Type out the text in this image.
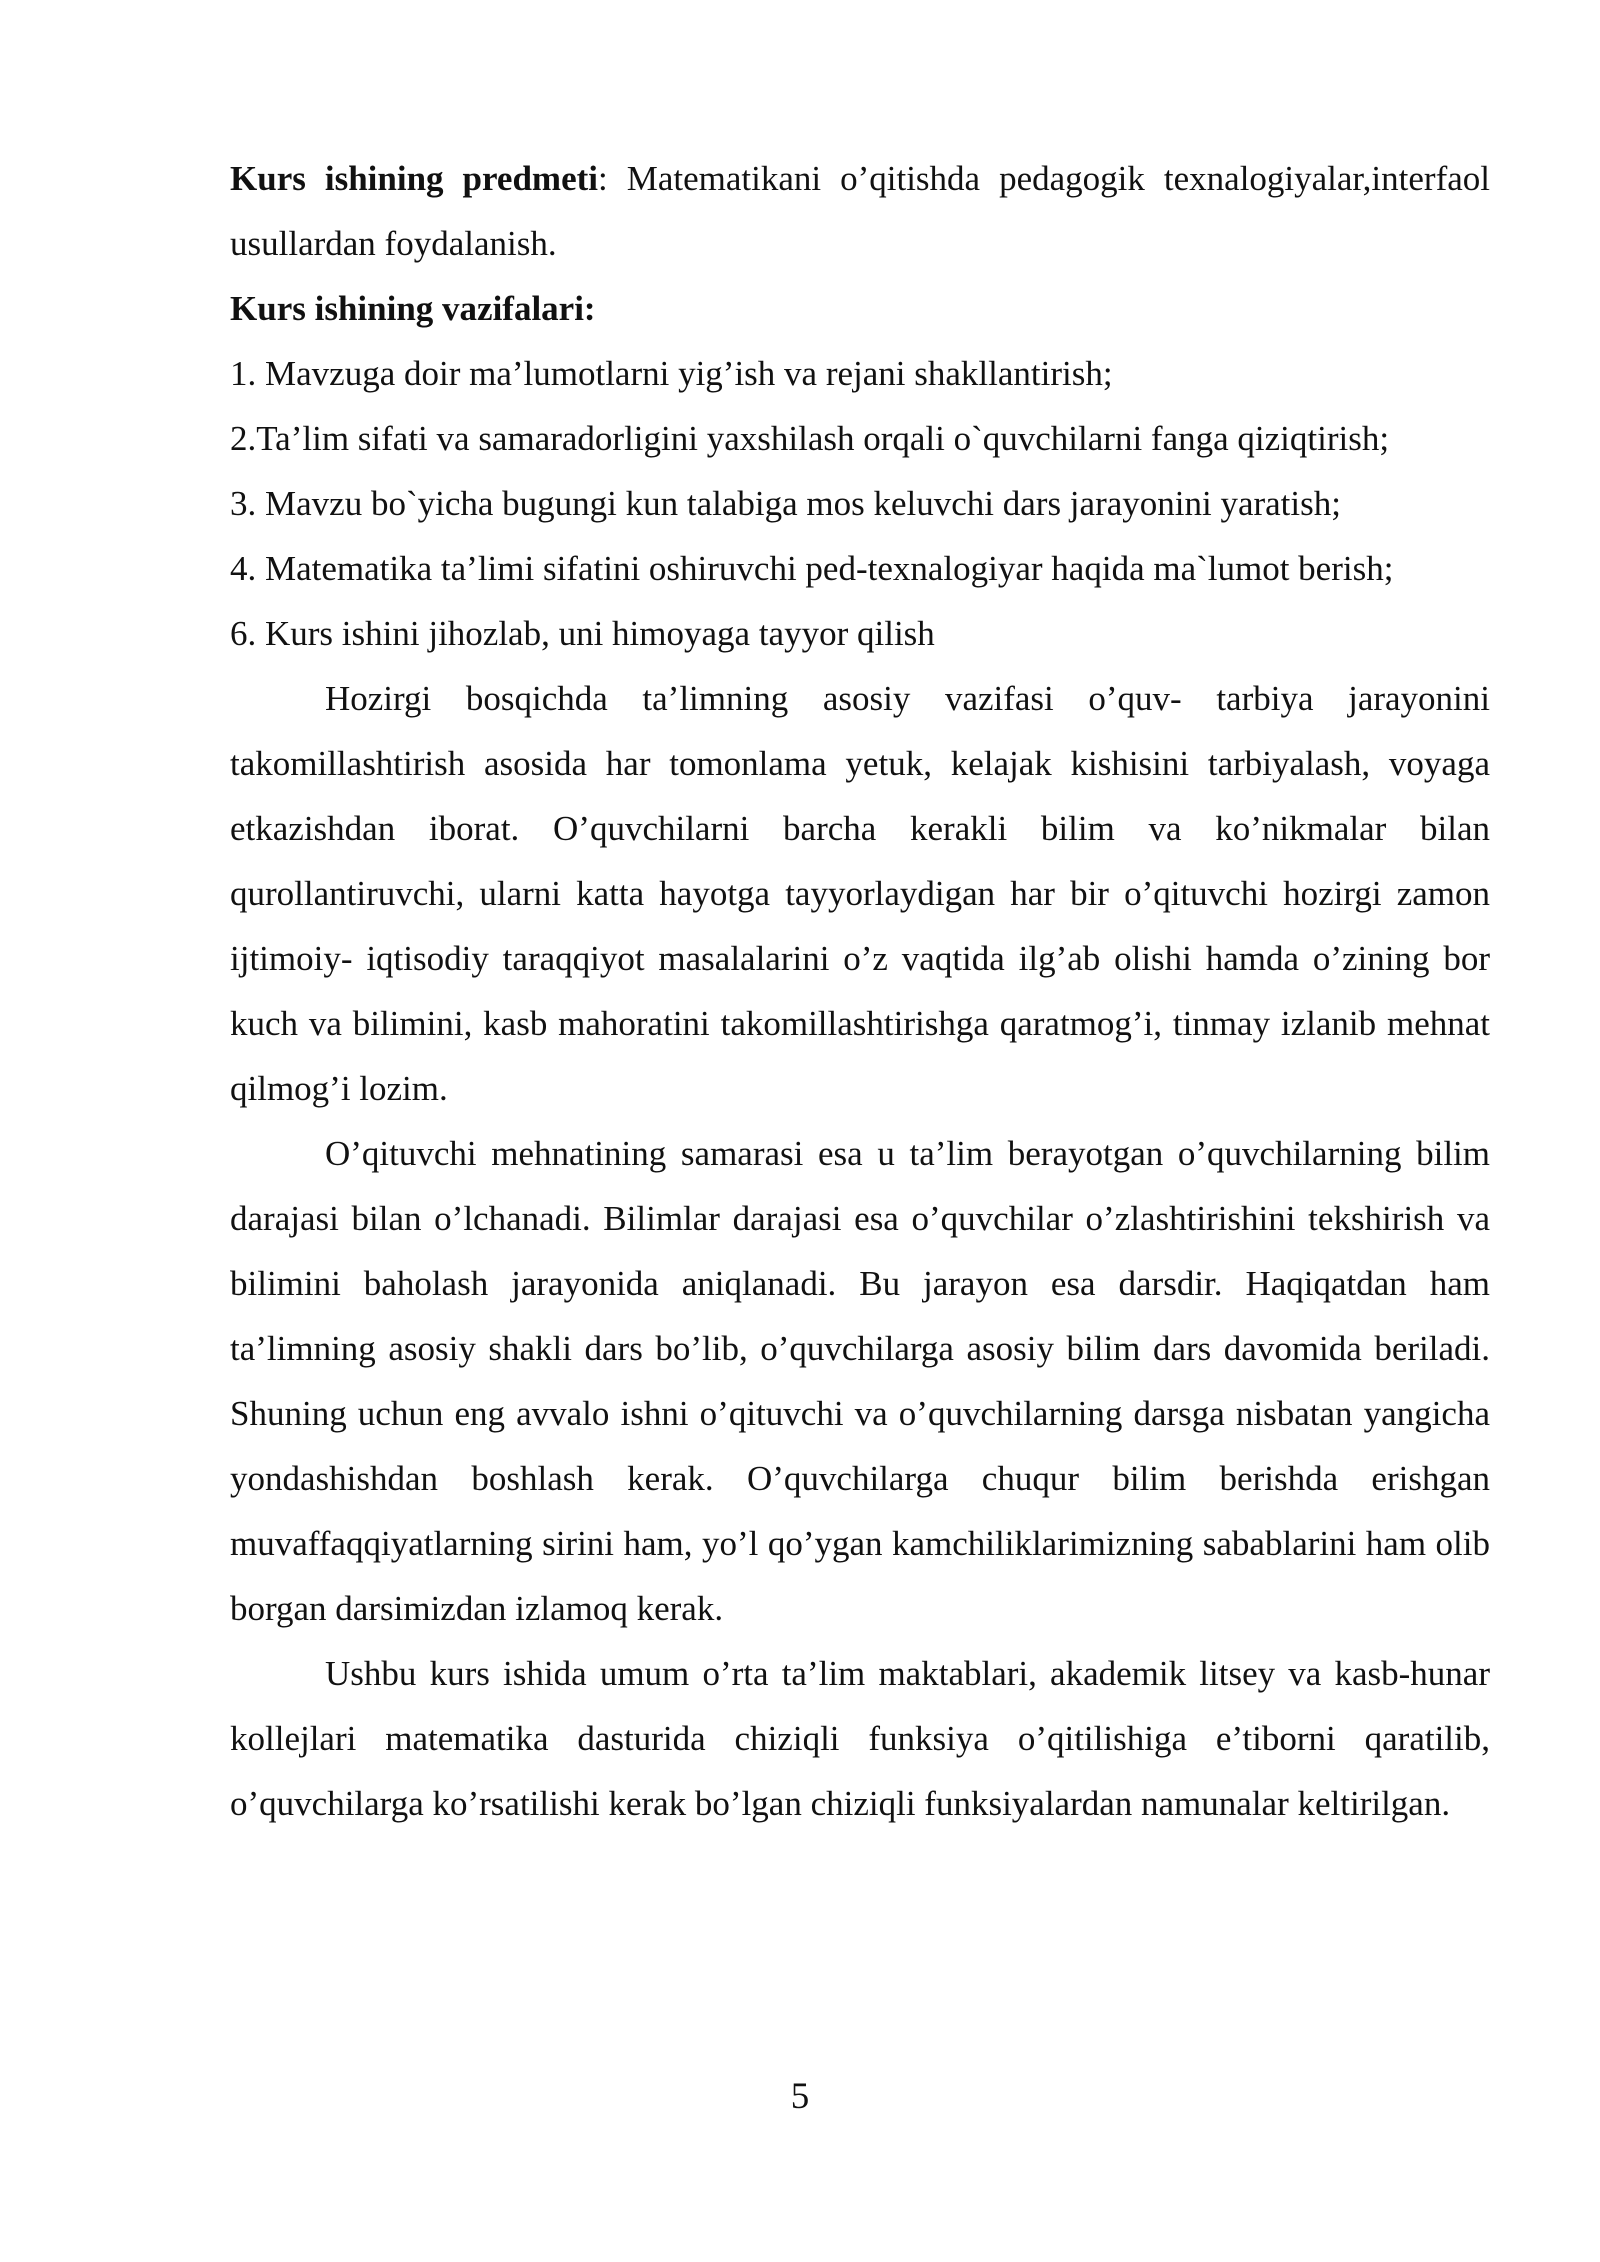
Kurs ishining predmeti: Matematikani o’qitishda pedagogik texnalogiyalar,interfaol usullardan foydalanish.

Kurs ishining vazifalari:

1. Mavzuga doir ma’lumotlarni yig’ish va rejani shakllantirish;

2.Ta’lim sifati va samaradorligini yaxshilash orqali o`quvchilarni fanga qiziqtirish;

3. Mavzu bo`yicha bugungi kun talabiga mos keluvchi dars jarayonini yaratish;

4. Matematika ta’limi sifatini oshiruvchi ped-texnalogiyar haqida ma`lumot berish;

6. Kurs ishini jihozlab, uni himoyaga tayyor qilish

Hozirgi bosqichda ta’limning asosiy vazifasi o’quv- tarbiya jarayonini takomillashtirish asosida har tomonlama yetuk, kelajak kishisini tarbiyalash, voyaga etkazishdan iborat. O’quvchilarni barcha kerakli bilim va ko’nikmalar bilan qurollantiruvchi, ularni katta hayotga tayyorlaydigan har bir o’qituvchi hozirgi zamon ijtimoiy- iqtisodiy taraqqiyot masalalarini o’z vaqtida ilg’ab olishi hamda o’zining bor kuch va bilimini, kasb mahoratini takomillashtirishga qaratmog’i, tinmay izlanib mehnat qilmog’i lozim.

O’qituvchi mehnatining samarasi esa u ta’lim berayotgan o’quvchilarning bilim darajasi bilan o’lchanadi. Bilimlar darajasi esa o’quvchilar o’zlashtirishini tekshirish va bilimini baholash jarayonida aniqlanadi. Bu jarayon esa darsdir. Haqiqatdan ham ta’limning asosiy shakli dars bo’lib, o’quvchilarga asosiy bilim dars davomida beriladi. Shuning uchun eng avvalo ishni o’qituvchi va o’quvchilarning darsga nisbatan yangicha yondashishdan boshlash kerak. O’quvchilarga chuqur bilim berishda erishgan muvaffaqqiyatlarning sirini ham, yo’l qo’ygan kamchiliklarimizning sabablarini ham olib borgan darsimizdan izlamoq kerak.

Ushbu kurs ishida umum o’rta ta’lim maktablari, akademik litsey va kasb-hunar kollejlari matematika dasturida chiziqli funksiya o’qitilishiga e’tiborni qaratilib, o’quvchilarga ko’rsatilishi kerak bo’lgan chiziqli funksiyalardan namunalar keltirilgan.

5
